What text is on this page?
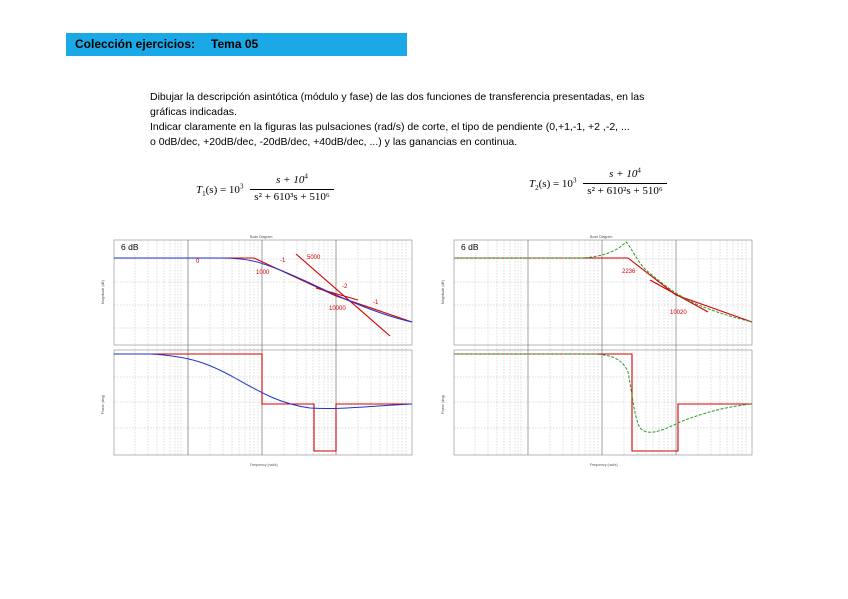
Colección ejercicios: Tema 05
Dibujar la descripción asintótica (módulo y fase) de las dos funciones de transferencia presentadas, en las
gráficas indicadas.
Indicar claramente en la figuras las pulsaciones (rad/s) de corte, el tipo de pendiente (0,+1,-1, +2 ,-2, ...
o 0dB/dec, +20dB/dec, -20dB/dec, +40dB/dec, ...) y las ganancias en continua.
$T_1(s) = 10^3$
$s + 10^4$
s² + 610³s + 510⁶
$T_2(s) = 10^3$
$s + 10^4$
s² + 610²s + 510⁶
Bode Diagram
6 dB
0	-1
1000
5000
-2
-1
10000
Magnitude (dB)
Phase (deg)
Frequency (rad/s)
Bode Diagram
6 dB
2236
10020
Magnitude (dB)
Phase (deg)
Frequency (rad/s)
